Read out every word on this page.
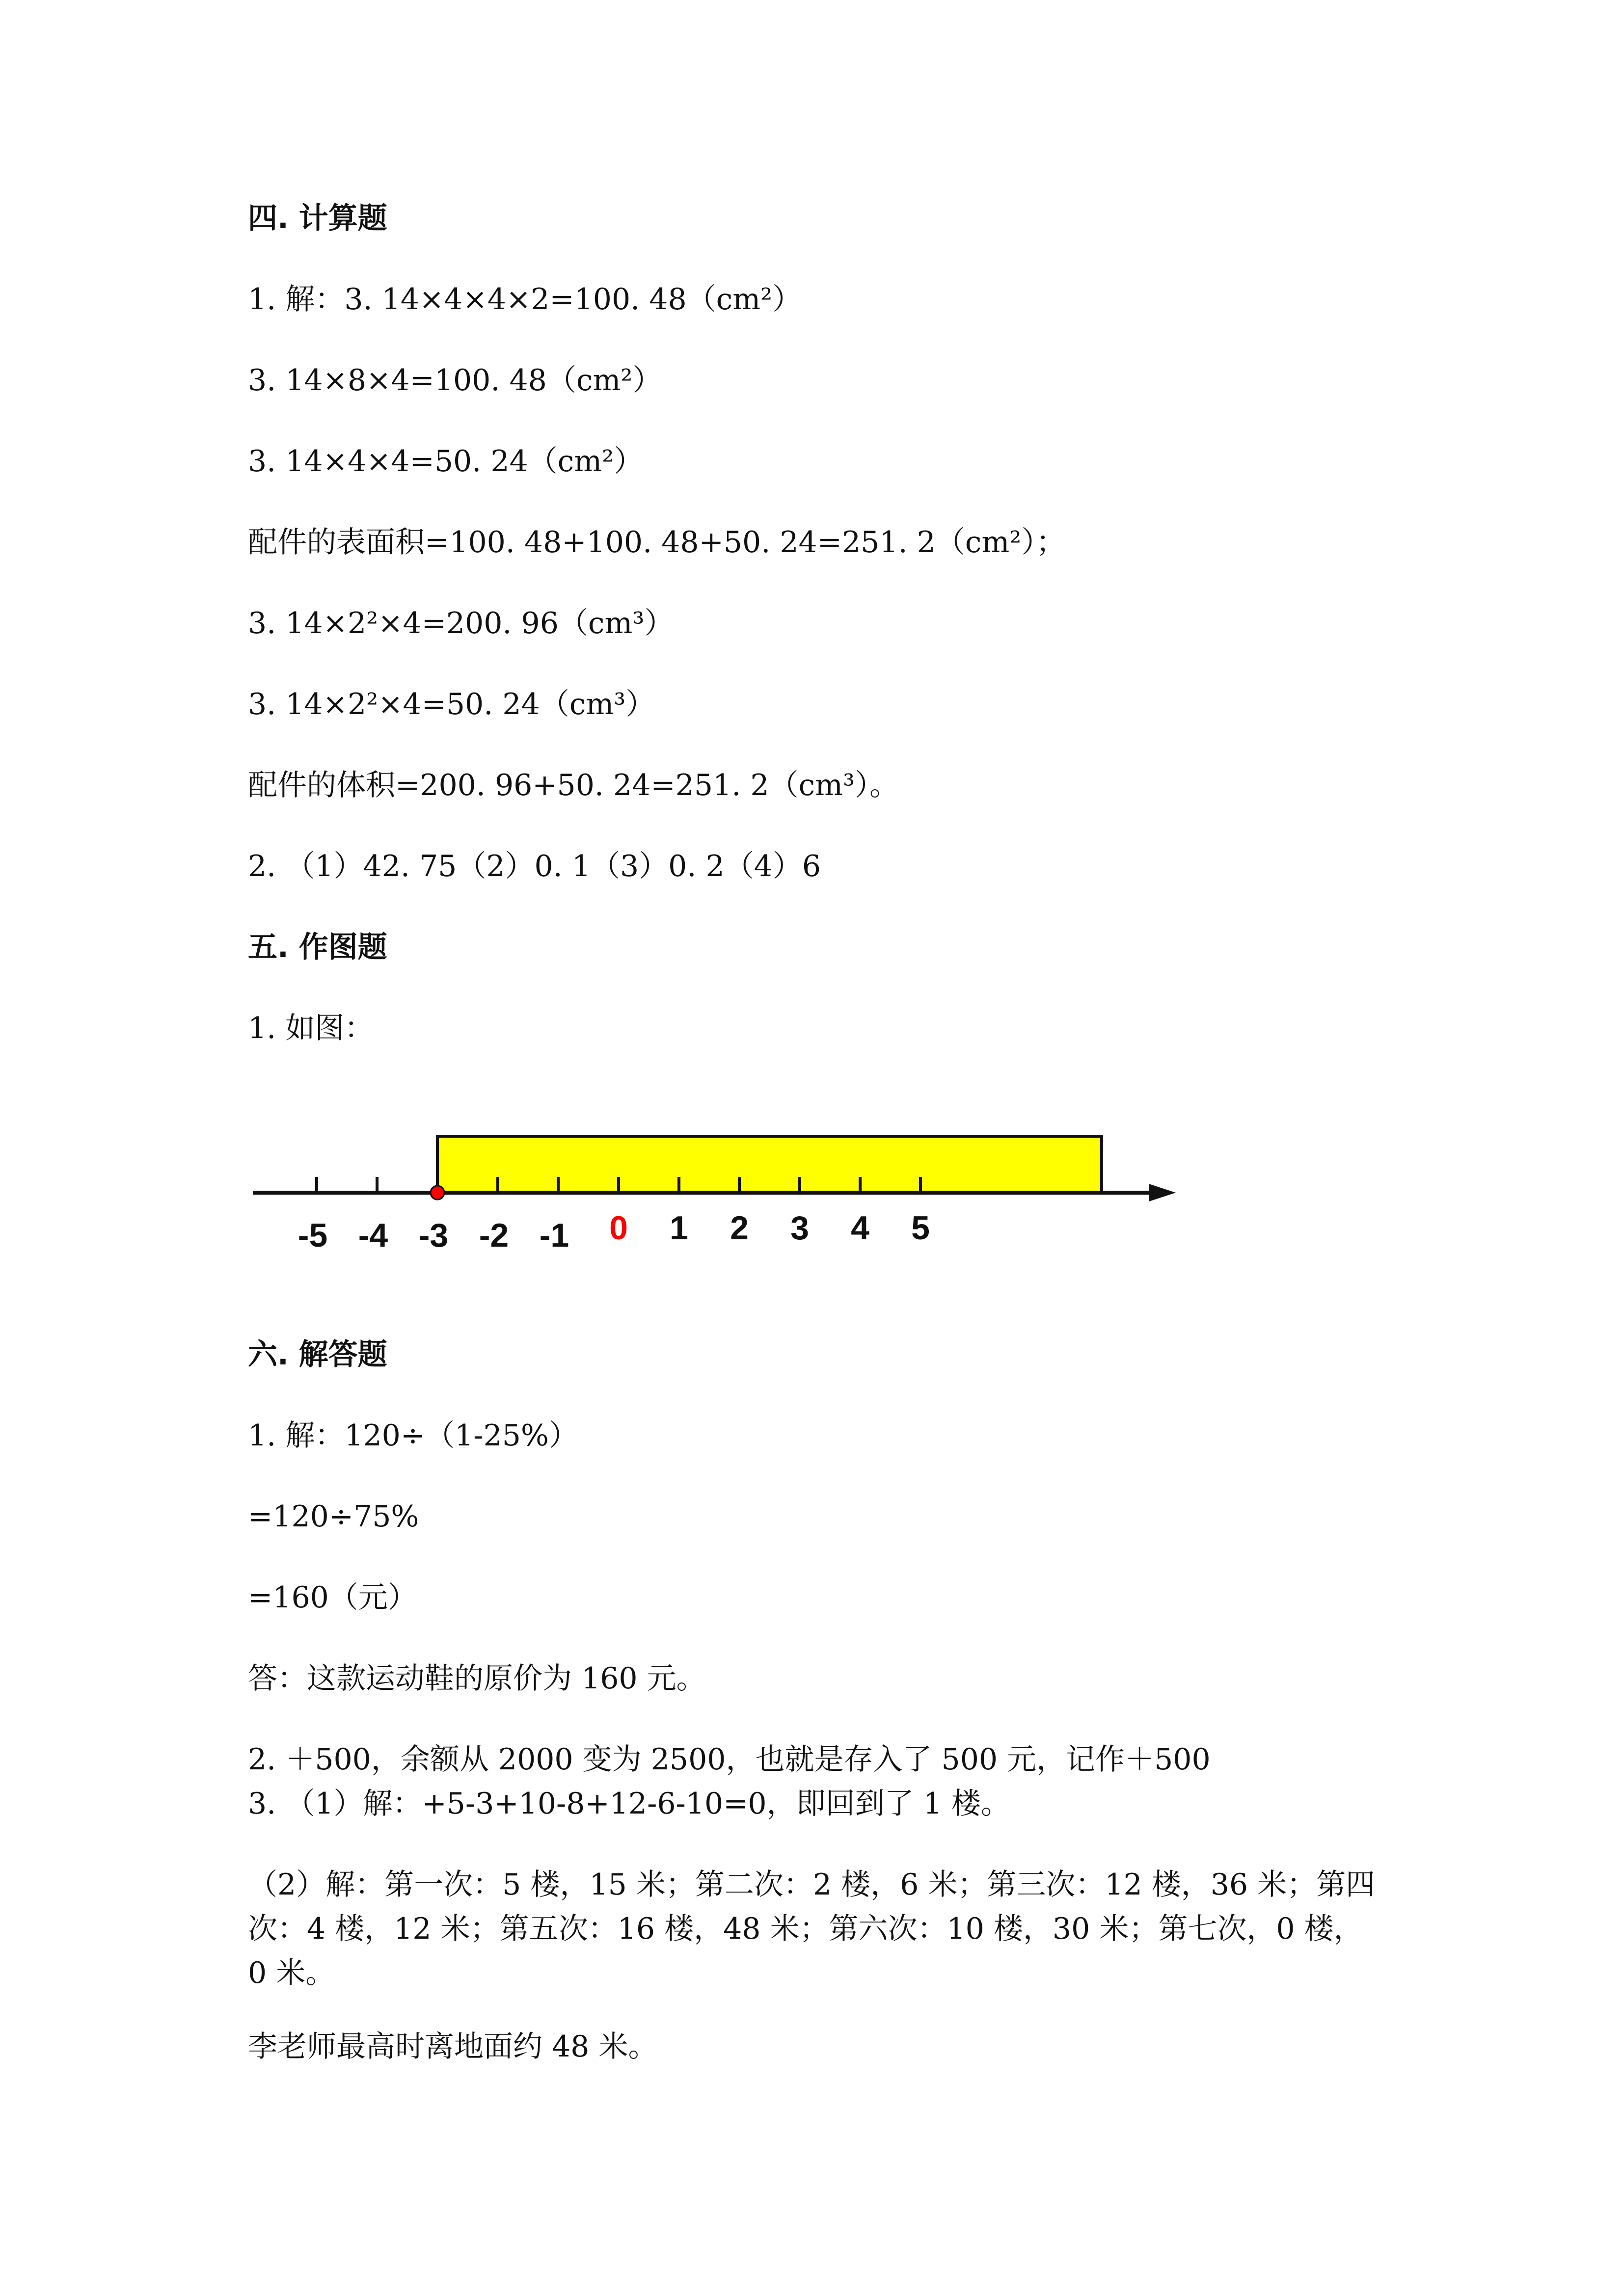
四. 计算题
1. 解：3. 14×4×4×2=100. 48（cm²）
3. 14×8×4=100. 48（cm²）
3. 14×4×4=50. 24（cm²）
配件的表面积=100. 48+100. 48+50. 24=251. 2（cm²）；
3. 14×2²×4=200. 96（cm³）
3. 14×2²×4=50. 24（cm³）
配件的体积=200. 96+50. 24=251. 2（cm³）。
2. （1）42. 75（2）0. 1（3）0. 2（4）6
五. 作图题
1. 如图：
-5 -4 -3 -2 -1 0 1 2 3 4 5
六. 解答题
1. 解：120÷（1-25%）
=120÷75%
=160（元）
答：这款运动鞋的原价为 160 元。
2. ＋500，余额从 2000 变为 2500，也就是存入了 500 元，记作＋500
3. （1）解：+5-3+10-8+12-6-10=0，即回到了 1 楼。

（2）解：第一次：5 楼，15 米；第二次：2 楼，6 米；第三次：12 楼，36 米；第四次：4 楼，12 米；第五次：16 楼，48 米；第六次：10 楼，30 米；第七次，0 楼，0 米。

李老师最高时离地面约 48 米。
